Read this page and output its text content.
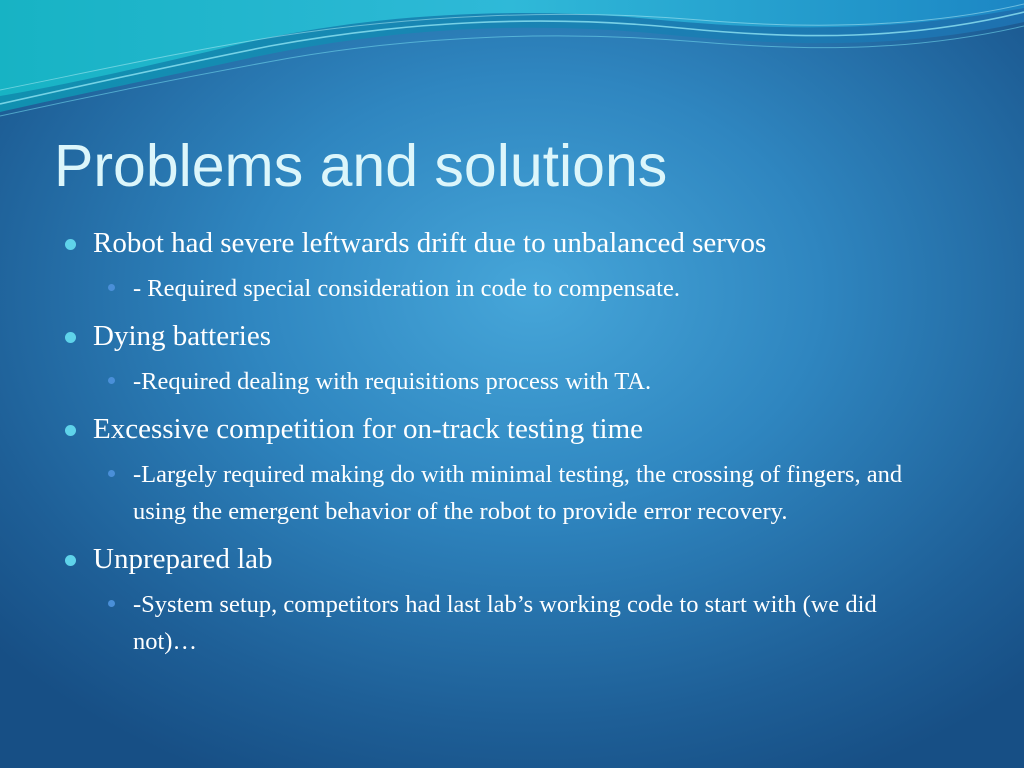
Problems and solutions
Robot had severe leftwards drift due to unbalanced servos
- Required special consideration in code to compensate.
Dying batteries
-Required dealing with requisitions process with TA.
Excessive competition for on-track testing time
-Largely required making do with minimal testing, the crossing of fingers, and using the emergent behavior of the robot to provide error recovery.
Unprepared lab
-System setup, competitors had last lab’s working code to start with (we did not)…
